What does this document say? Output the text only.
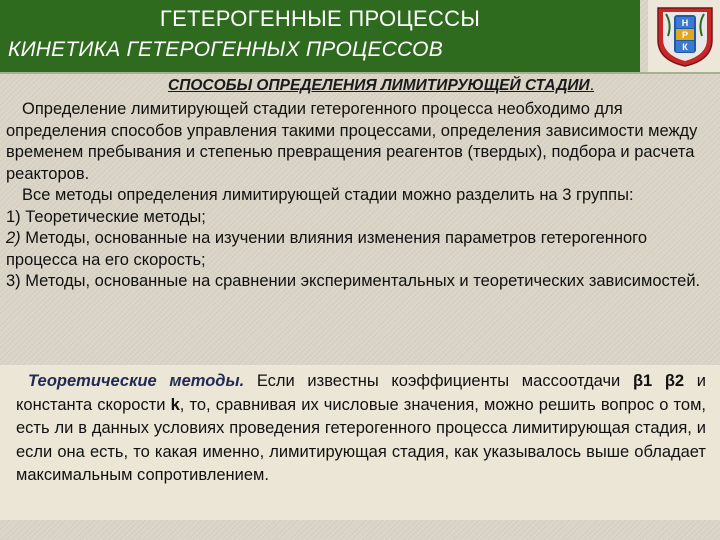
ГЕТЕРОГЕННЫЕ ПРОЦЕССЫ
КИНЕТИКА ГЕТЕРОГЕННЫХ ПРОЦЕССОВ
Н
Р
К
СПОСОБЫ ОПРЕДЕЛЕНИЯ ЛИМИТИРУЮЩЕЙ СТАДИИ.

Определение лимитирующей стадии гетерогенного процесса необходимо для определения способов управления такими процессами, определения зависимости между временем пребывания и степенью превращения реагентов (твердых), подбора и расчета реакторов.

Все методы определения лимитирующей стадии можно разделить на 3 группы:

1) Теоретические методы;

2) Методы, основанные на изучении влияния изменения параметров гетерогенного процесса на его скорость;

3) Методы, основанные на сравнении экспериментальных и теоретических зависимостей.

Теоретические методы. Если известны коэффициенты массоотдачи β1 β2 и константа скорости k, то, сравнивая их числовые значения, можно решить вопрос о том, есть ли в данных условиях проведения гетерогенного процесса лимитирующая стадия, и если она есть, то какая именно, лимитирующая стадия, как указывалось выше обладает максимальным сопротивлением.
